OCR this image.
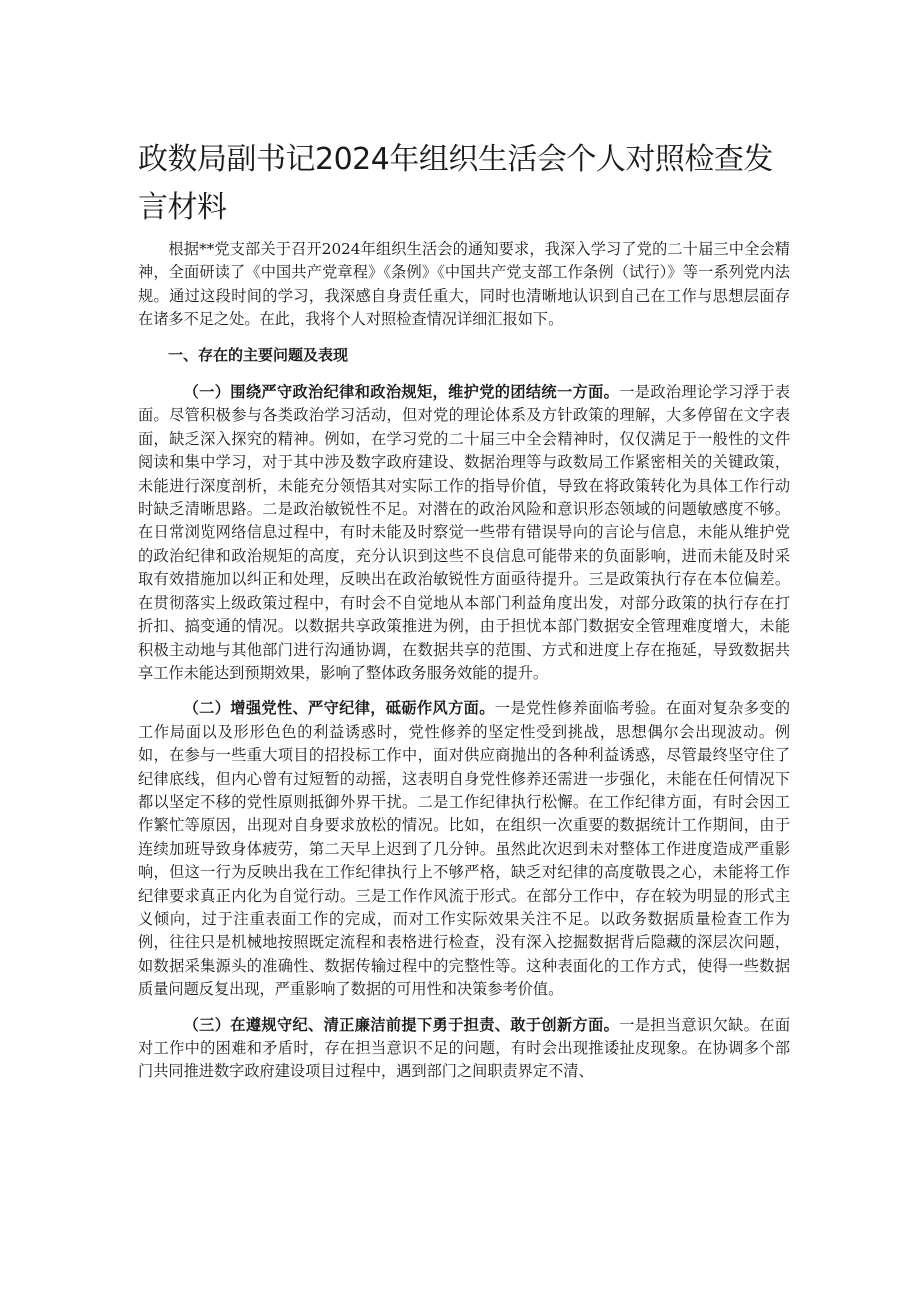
政数局副书记2024年组织生活会个人对照检查发言材料

根据**党支部关于召开2024年组织生活会的通知要求，我深入学习了党的二十届三中全会精神，全面研读了《中国共产党章程》《条例》《中国共产党支部工作条例（试行）》等一系列党内法规。通过这段时间的学习，我深感自身责任重大，同时也清晰地认识到自己在工作与思想层面存在诸多不足之处。在此，我将个人对照检查情况详细汇报如下。

一、存在的主要问题及表现

（一）围绕严守政治纪律和政治规矩，维护党的团结统一方面。一是政治理论学习浮于表面。尽管积极参与各类政治学习活动，但对党的理论体系及方针政策的理解，大多停留在文字表面，缺乏深入探究的精神。例如，在学习党的二十届三中全会精神时，仅仅满足于一般性的文件阅读和集中学习，对于其中涉及数字政府建设、数据治理等与政数局工作紧密相关的关键政策，未能进行深度剖析，未能充分领悟其对实际工作的指导价值，导致在将政策转化为具体工作行动时缺乏清晰思路。二是政治敏锐性不足。对潜在的政治风险和意识形态领域的问题敏感度不够。在日常浏览网络信息过程中，有时未能及时察觉一些带有错误导向的言论与信息，未能从维护党的政治纪律和政治规矩的高度，充分认识到这些不良信息可能带来的负面影响，进而未能及时采取有效措施加以纠正和处理，反映出在政治敏锐性方面亟待提升。三是政策执行存在本位偏差。在贯彻落实上级政策过程中，有时会不自觉地从本部门利益角度出发，对部分政策的执行存在打折扣、搞变通的情况。以数据共享政策推进为例，由于担忧本部门数据安全管理难度增大，未能积极主动地与其他部门进行沟通协调，在数据共享的范围、方式和进度上存在拖延，导致数据共享工作未能达到预期效果，影响了整体政务服务效能的提升。

（二）增强党性、严守纪律，砥砺作风方面。一是党性修养面临考验。在面对复杂多变的工作局面以及形形色色的利益诱惑时，党性修养的坚定性受到挑战，思想偶尔会出现波动。例如，在参与一些重大项目的招投标工作中，面对供应商抛出的各种利益诱惑，尽管最终坚守住了纪律底线，但内心曾有过短暂的动摇，这表明自身党性修养还需进一步强化，未能在任何情况下都以坚定不移的党性原则抵御外界干扰。二是工作纪律执行松懈。在工作纪律方面，有时会因工作繁忙等原因，出现对自身要求放松的情况。比如，在组织一次重要的数据统计工作期间，由于连续加班导致身体疲劳，第二天早上迟到了几分钟。虽然此次迟到未对整体工作进度造成严重影响，但这一行为反映出我在工作纪律执行上不够严格，缺乏对纪律的高度敬畏之心，未能将工作纪律要求真正内化为自觉行动。三是工作作风流于形式。在部分工作中，存在较为明显的形式主义倾向，过于注重表面工作的完成，而对工作实际效果关注不足。以政务数据质量检查工作为例，往往只是机械地按照既定流程和表格进行检查，没有深入挖掘数据背后隐藏的深层次问题，如数据采集源头的准确性、数据传输过程中的完整性等。这种表面化的工作方式，使得一些数据质量问题反复出现，严重影响了数据的可用性和决策参考价值。

（三）在遵规守纪、清正廉洁前提下勇于担责、敢于创新方面。一是担当意识欠缺。在面对工作中的困难和矛盾时，存在担当意识不足的问题，有时会出现推诿扯皮现象。在协调多个部门共同推进数字政府建设项目过程中，遇到部门之间职责界定不清、
